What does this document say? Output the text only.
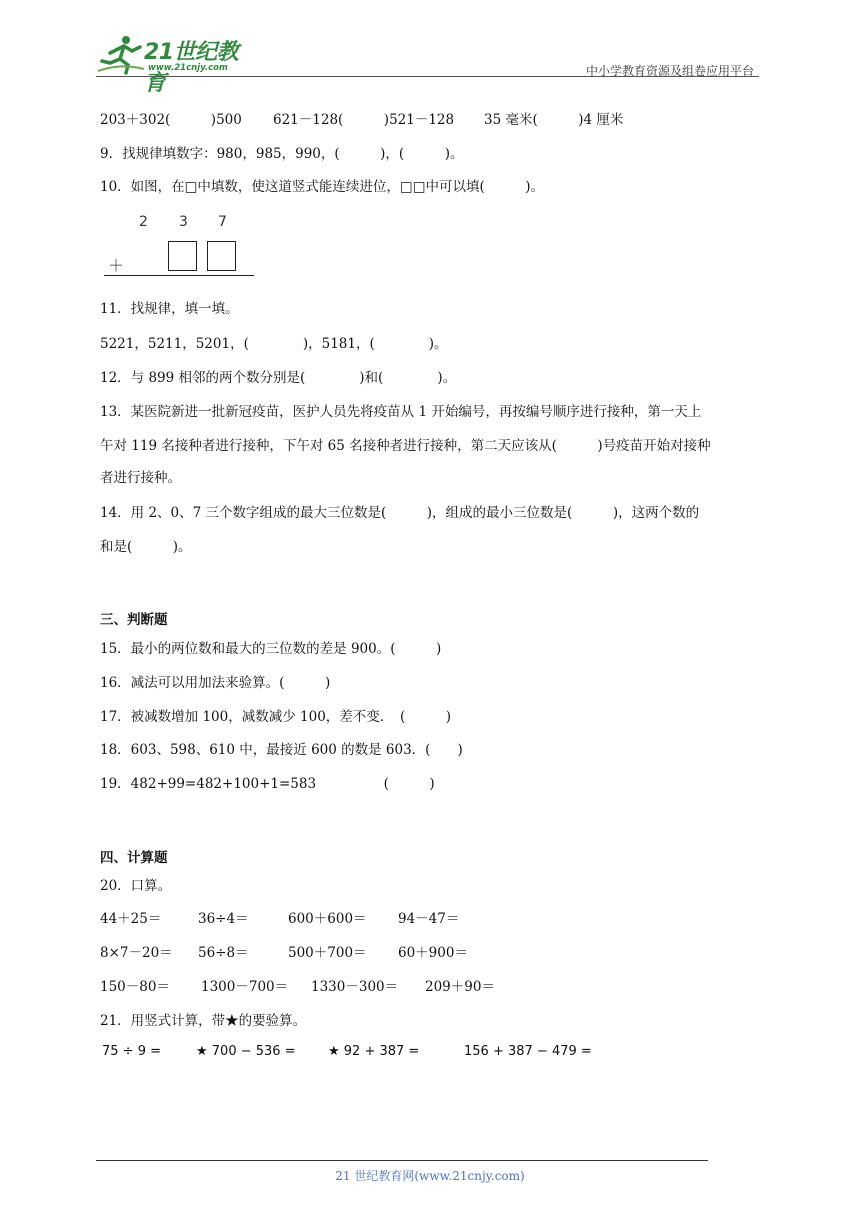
21世纪教育
www.21cnjy.com	中小学教育资源及组卷应用平台
203＋302(　　　)500 621－128(　　　)521－128 35 毫米(　　　)4 厘米
9．找规律填数字：980，985，990，(　　　)，(　　　)。
10．如图，在□中填数，使这道竖式能连续进位，□□中可以填(　　　)。
2 3 7
＋
11．找规律，填一填。
5221，5211，5201，(　　　　)，5181，(　　　　)。
12．与 899 相邻的两个数分别是(　　　　)和(　　　　)。
13．某医院新进一批新冠疫苗，医护人员先将疫苗从 1 开始编号，再按编号顺序进行接种，第一天上
午对 119 名接种者进行接种，下午对 65 名接种者进行接种，第二天应该从(　　　)号疫苗开始对接种
者进行接种。
14．用 2、0、7 三个数字组成的最大三位数是(　　　)，组成的最小三位数是(　　　)，这两个数的
和是(　　　)。
三、判断题
15．最小的两位数和最大的三位数的差是 900。(　　　)
16．减法可以用加法来验算。(　　　)
17．被减数增加 100，减数减少 100，差不变．　(　　　)
18．603、598、610 中，最接近 600 的数是 603．(　　)
19．482+99=482+100+1=583　　　　　(　　　)
四、计算题
20．口算。
44＋25＝	36÷4＝	600＋600＝ 94－47＝
8×7－20＝ 56÷8＝	500＋700＝ 60＋900＝
150－80＝ 1300－700＝ 1330－300＝ 209＋90＝
21．用竖式计算，带★的要验算。
75 ÷ 9 =	★ 700 − 536 = ★ 92 + 387 =	156 + 387 − 479 =
21 世纪教育网(www.21cnjy.com)
